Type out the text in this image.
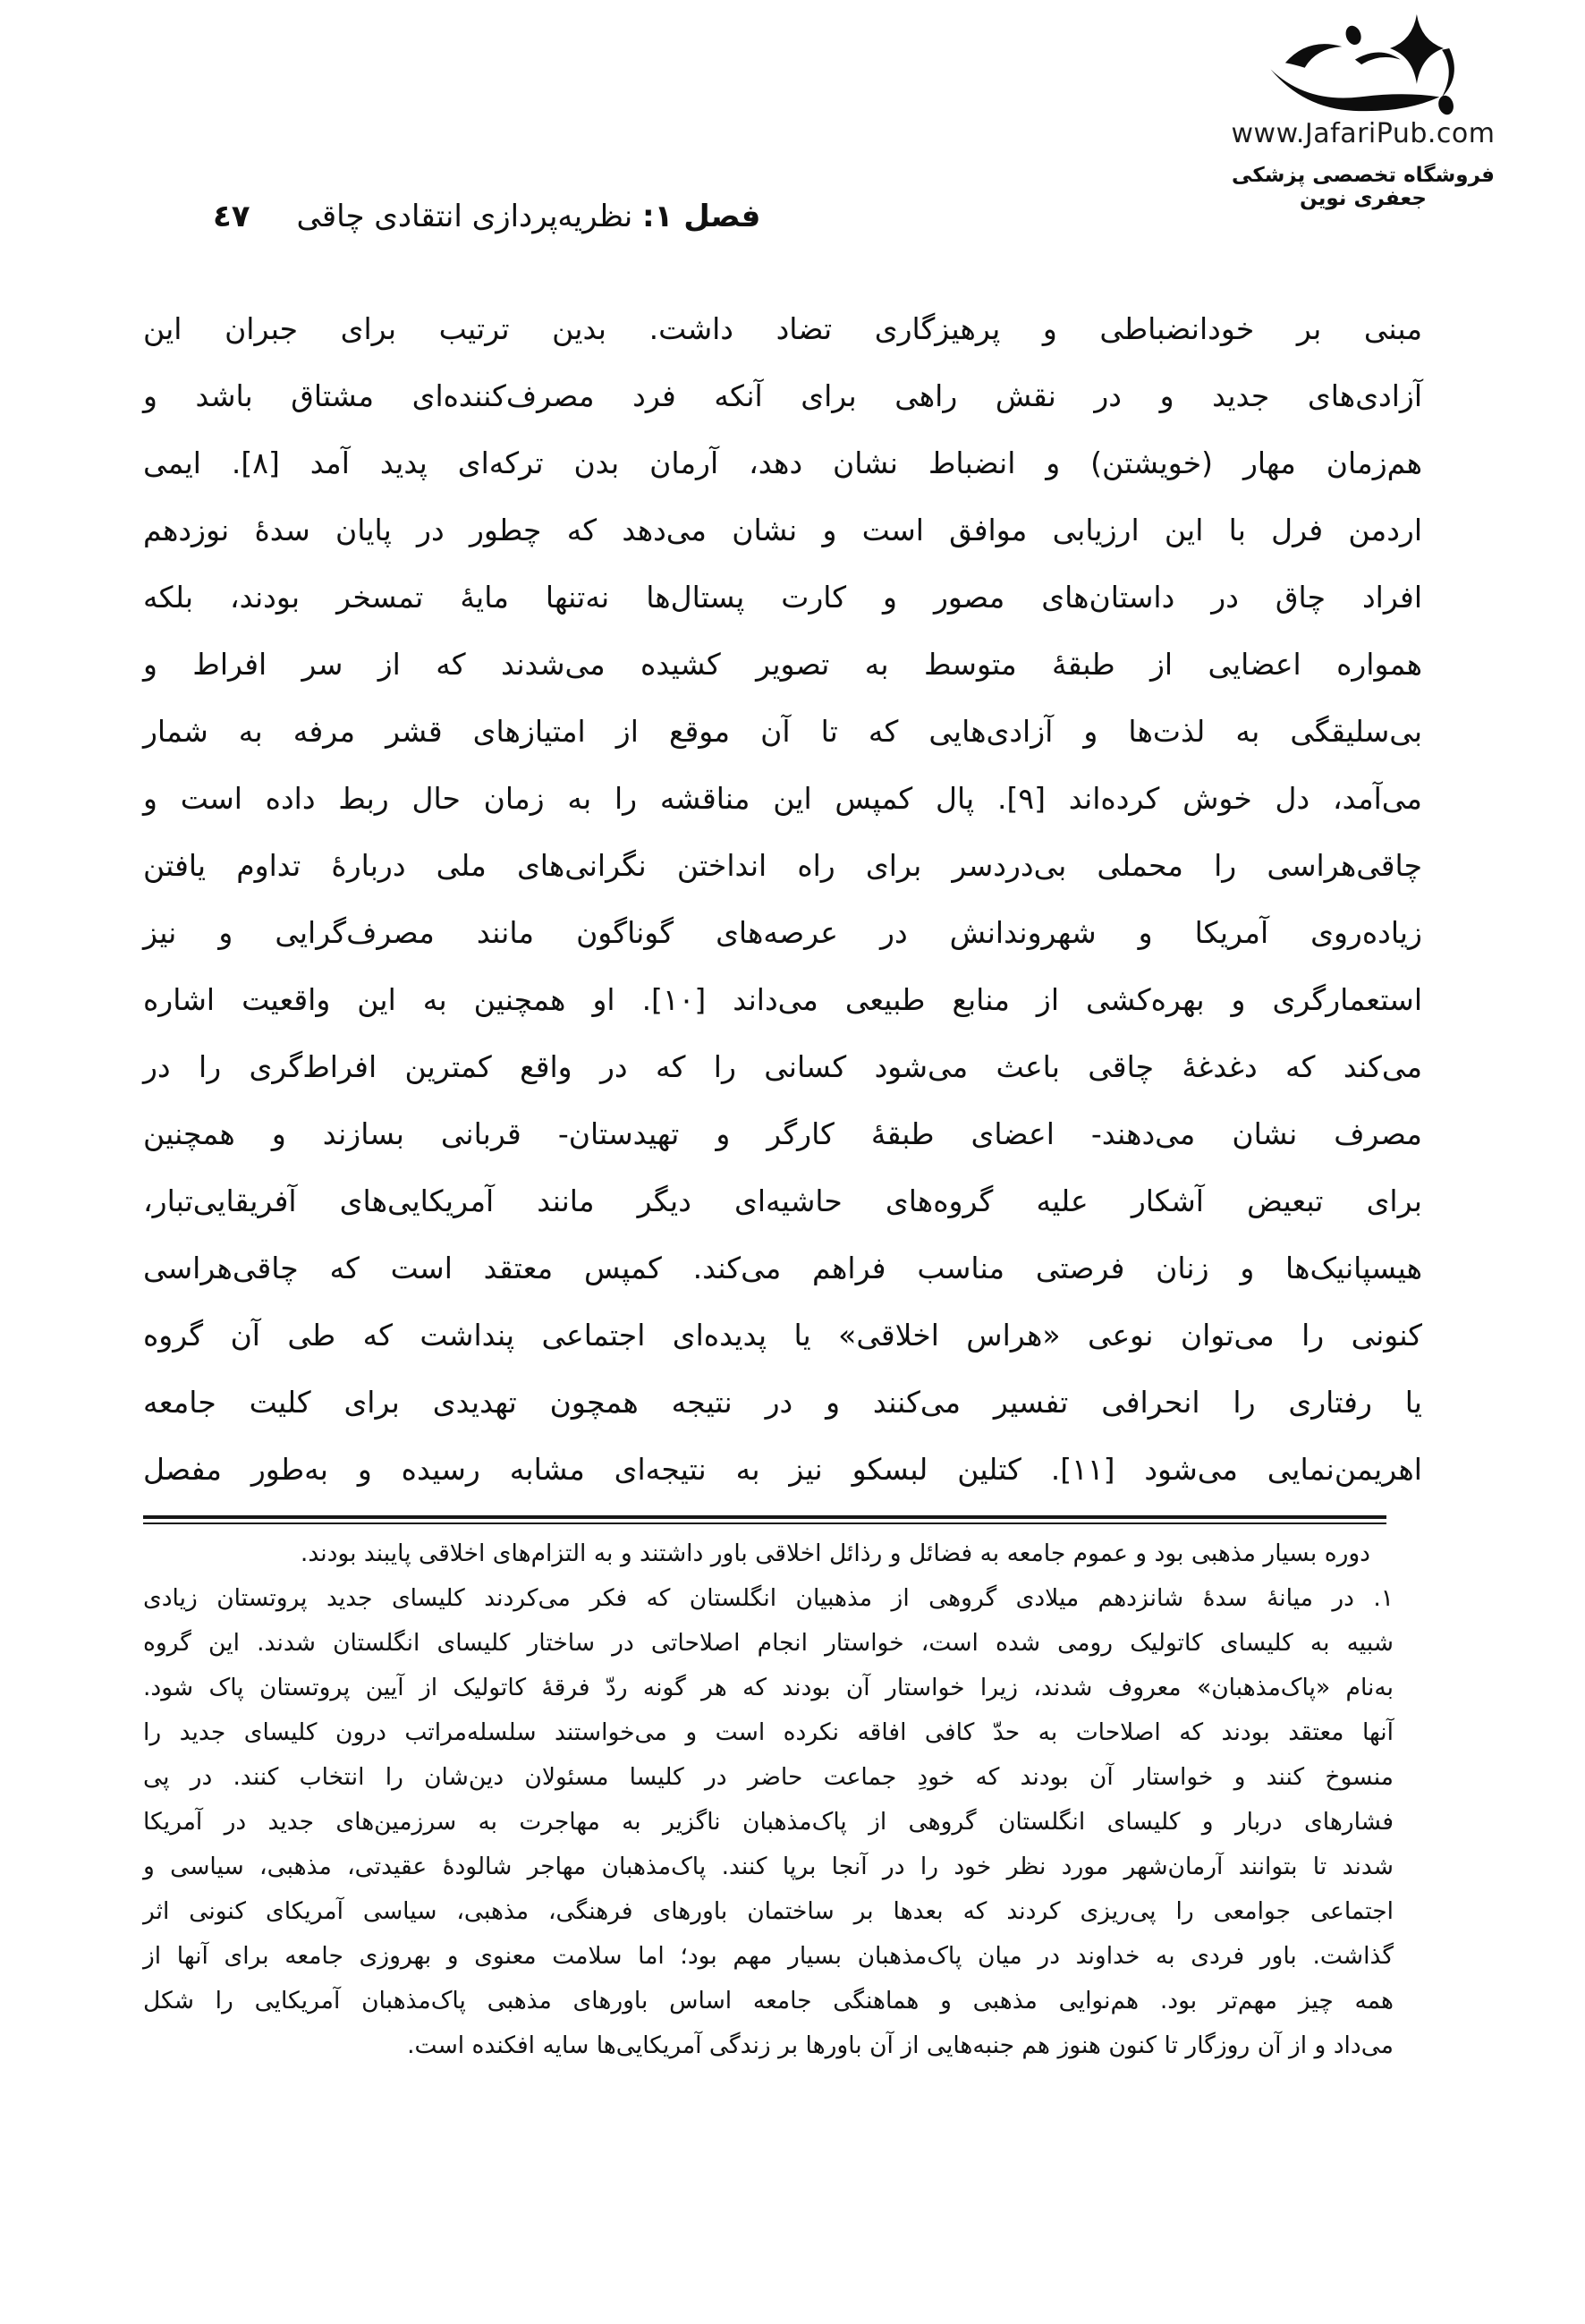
www.JafariPub.com
فروشگاه تخصصی پزشکی جعفری نوین
٤٧	فصل ۱: نظریه‌پردازی انتقادی چاقی
مبنی بر خودانضباطی و پرهیزگاری تضاد داشت. بدین ترتیب برای جبران این
آزادی‌های جدید و در نقش راهی برای آنکه فرد مصرف‌کننده‌ای مشتاق باشد و
هم‌زمان مهار (خویشتن) و انضباط نشان دهد، آرمان بدن ترکه‌ای پدید آمد [۸]. ایمی
اردمن فرل با این ارزیابی موافق است و نشان می‌دهد که چطور در پایان سدهٔ نوزدهم
افراد چاق در داستان‌های مصور و کارت پستال‌ها نه‌تنها مایهٔ تمسخر بودند، بلکه
همواره اعضایی از طبقهٔ متوسط به تصویر کشیده می‌شدند که از سر افراط و
بی‌سلیقگی به لذت‌ها و آزادی‌هایی که تا آن موقع از امتیازهای قشر مرفه به شمار
می‌آمد، دل خوش کرده‌اند [۹]. پال کمپس این مناقشه را به زمان حال ربط داده است و
چاقی‌هراسی را محملی بی‌دردسر برای راه انداختن نگرانی‌های ملی دربارهٔ تداوم یافتن
زیاده‌روی آمریکا و شهروندانش در عرصه‌های گوناگون مانند مصرف‌گرایی و نیز
استعمارگری و بهره‌کشی از منابع طبیعی می‌داند [۱۰]. او همچنین به این واقعیت اشاره
می‌کند که دغدغهٔ چاقی باعث می‌شود کسانی را که در واقع کمترین افراط‌گری را در
مصرف نشان می‌دهند- اعضای طبقهٔ کارگر و تهیدستان- قربانی بسازند و همچنین
برای تبعیض آشکار علیه گروه‌های حاشیه‌ای دیگر مانند آمریکایی‌های آفریقایی‌تبار،
هیسپانیک‌ها و زنان فرصتی مناسب فراهم می‌کند. کمپس معتقد است که چاقی‌هراسی
کنونی را می‌توان نوعی «هراس اخلاقی» یا پدیده‌ای اجتماعی پنداشت که طی آن گروه
یا رفتاری را انحرافی تفسیر می‌کنند و در نتیجه همچون تهدیدی برای کلیت جامعه
اهریمن‌نمایی می‌شود [۱۱]. کتلین لبسکو نیز به نتیجه‌ای مشابه رسیده و به‌طور مفصل
دوره بسیار مذهبی بود و عموم جامعه به فضائل و رذائل اخلاقی باور داشتند و به التزام‌های اخلاقی پایبند بودند.
۱. در میانهٔ سدهٔ شانزدهم میلادی گروهی از مذهبیان انگلستان که فکر می‌کردند کلیسای جدید پروتستان زیادی
شبیه به کلیسای کاتولیک رومی شده است، خواستار انجام اصلاحاتی در ساختار کلیسای انگلستان شدند. این گروه
به‌نام «پاک‌مذهبان» معروف شدند، زیرا خواستار آن بودند که هر گونه ردّ فرقهٔ کاتولیک از آیین پروتستان پاک شود.
آنها معتقد بودند که اصلاحات به حدّ کافی افاقه نکرده است و می‌خواستند سلسله‌مراتب درون کلیسای جدید را
منسوخ کنند و خواستار آن بودند که خودِ جماعت حاضر در کلیسا مسئولان دین‌شان را انتخاب کنند. در پی
فشارهای دربار و کلیسای انگلستان گروهی از پاک‌مذهبان ناگزیر به مهاجرت به سرزمین‌های جدید در آمریکا
شدند تا بتوانند آرمان‌شهر مورد نظر خود را در آنجا برپا کنند. پاک‌مذهبان مهاجر شالودهٔ عقیدتی، مذهبی، سیاسی و
اجتماعی جوامعی را پی‌ریزی کردند که بعدها بر ساختمان باورهای فرهنگی، مذهبی، سیاسی آمریکای کنونی اثر
گذاشت. باور فردی به خداوند در میان پاک‌مذهبان بسیار مهم بود؛ اما سلامت معنوی و بهروزی جامعه برای آنها از
همه چیز مهم‌تر بود. هم‌نوایی مذهبی و هماهنگی جامعه اساس باورهای مذهبی پاک‌مذهبان آمریکایی را شکل
می‌داد و از آن روزگار تا کنون هنوز هم جنبه‌هایی از آن باورها بر زندگی آمریکایی‌ها سایه افکنده است.
